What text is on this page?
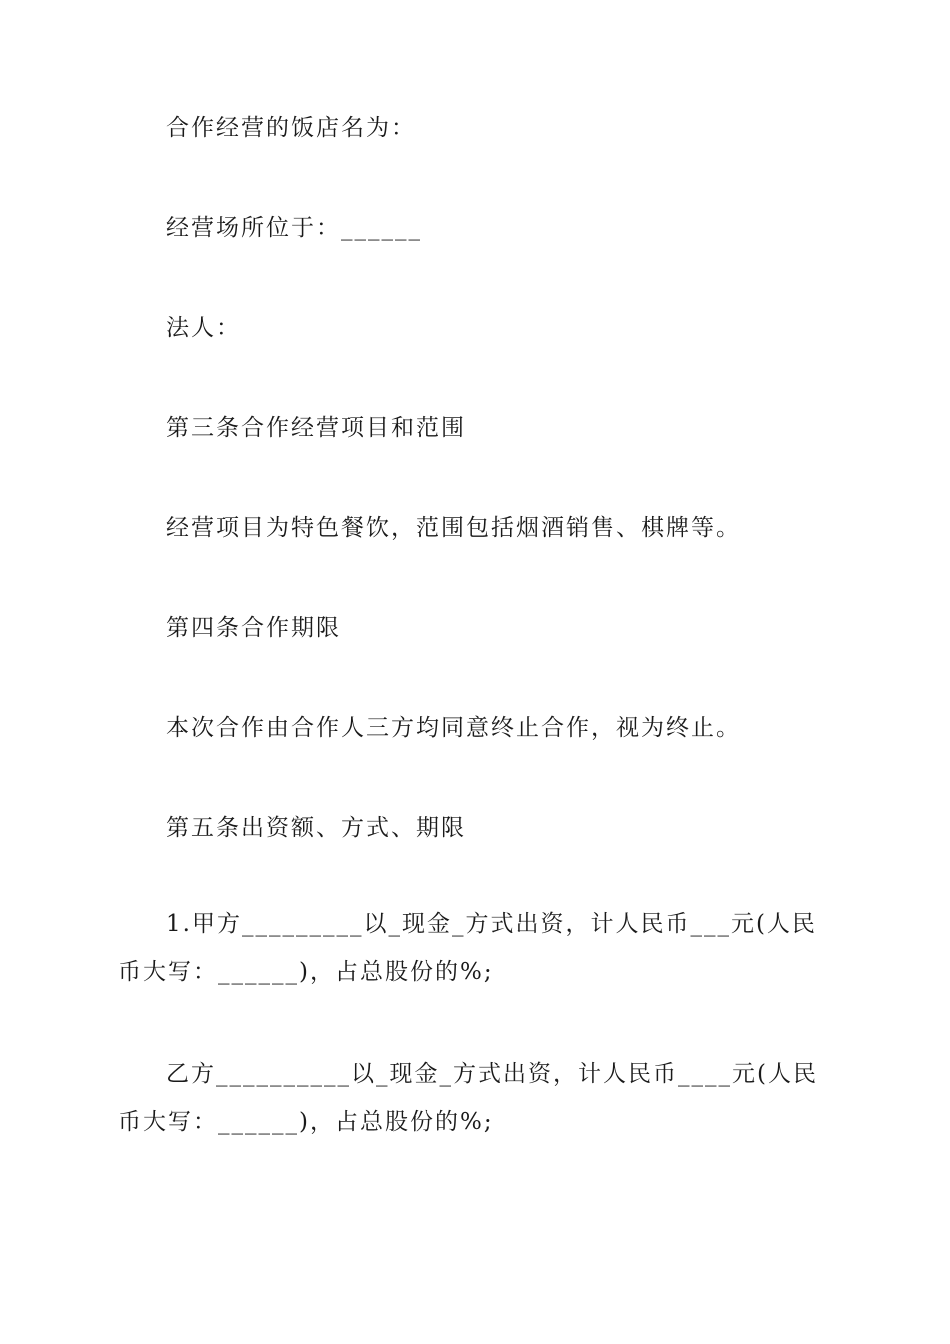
合作经营的饭店名为：

经营场所位于：______

法人：

第三条合作经营项目和范围

经营项目为特色餐饮，范围包括烟酒销售、棋牌等。

第四条合作期限

本次合作由合作人三方均同意终止合作，视为终止。

第五条出资额、方式、期限

1.甲方_________以_现金_方式出资，计人民币___元(人民币大写：______)，占总股份的%;

乙方__________以_现金_方式出资，计人民币____元(人民币大写：______)，占总股份的%;
